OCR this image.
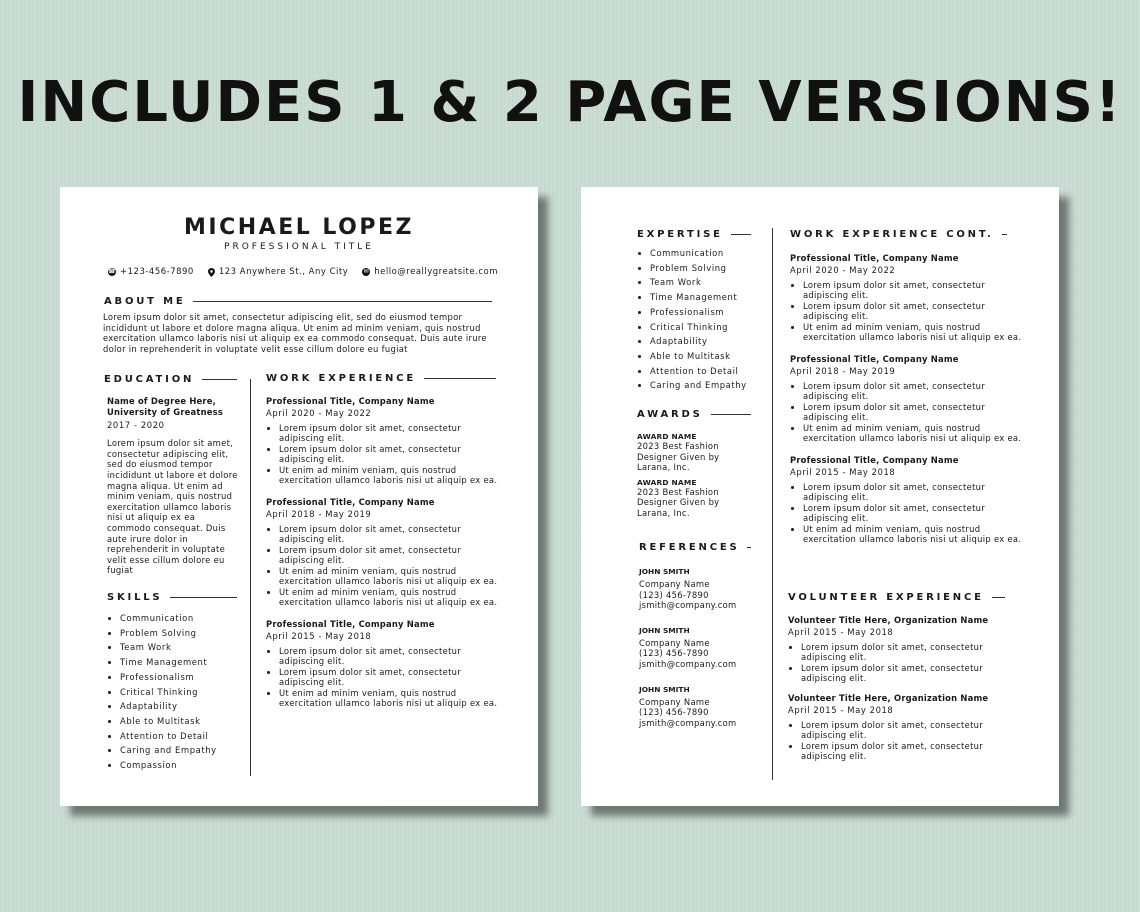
INCLUDES 1 & 2 PAGE VERSIONS!
MICHAEL LOPEZ
PROFESSIONAL TITLE
☎ +123-456-7890	123 Anywhere St., Any City	✉ hello@reallygreatsite.com
ABOUT ME
Lorem ipsum dolor sit amet, consectetur adipiscing elit, sed do eiusmod tempor incididunt ut labore et dolore magna aliqua. Ut enim ad minim veniam, quis nostrud exercitation ullamco laboris nisi ut aliquip ex ea commodo consequat. Duis aute irure dolor in reprehenderit in voluptate velit esse cillum dolore eu fugiat
EDUCATION
Name of Degree Here,
University of Greatness
2017 - 2020
Lorem ipsum dolor sit amet, consectetur adipiscing elit, sed do eiusmod tempor incididunt ut labore et dolore magna aliqua. Ut enim ad minim veniam, quis nostrud exercitation ullamco laboris nisi ut aliquip ex ea commodo consequat. Duis aute irure dolor in reprehenderit in voluptate velit esse cillum dolore eu fugiat
SKILLS
• Communication
• Problem Solving
• Team Work
• Time Management
• Professionalism
• Critical Thinking
• Adaptability
• Able to Multitask
• Attention to Detail
• Caring and Empathy
• Compassion
WORK EXPERIENCE
Professional Title, Company Name
April 2020 - May 2022
• Lorem ipsum dolor sit amet, consectetur adipiscing elit.
• Lorem ipsum dolor sit amet, consectetur adipiscing elit.
• Ut enim ad minim veniam, quis nostrud exercitation ullamco laboris nisi ut aliquip ex ea.
Professional Title, Company Name
April 2018 - May 2019
• Lorem ipsum dolor sit amet, consectetur adipiscing elit.
• Lorem ipsum dolor sit amet, consectetur adipiscing elit.
• Ut enim ad minim veniam, quis nostrud exercitation ullamco laboris nisi ut aliquip ex ea.
• Ut enim ad minim veniam, quis nostrud exercitation ullamco laboris nisi ut aliquip ex ea.
Professional Title, Company Name
April 2015 - May 2018
• Lorem ipsum dolor sit amet, consectetur adipiscing elit.
• Lorem ipsum dolor sit amet, consectetur adipiscing elit.
• Ut enim ad minim veniam, quis nostrud exercitation ullamco laboris nisi ut aliquip ex ea.
EXPERTISE
• Communication
• Problem Solving
• Team Work
• Time Management
• Professionalism
• Critical Thinking
• Adaptability
• Able to Multitask
• Attention to Detail
• Caring and Empathy
AWARDS
AWARD NAME
2023 Best Fashion
Designer Given by
Larana, Inc.
AWARD NAME
2023 Best Fashion
Designer Given by
Larana, Inc.
REFERENCES
JOHN SMITH
Company Name
(123) 456-7890
jsmith@company.com
JOHN SMITH
Company Name
(123) 456-7890
jsmith@company.com
JOHN SMITH
Company Name
(123) 456-7890
jsmith@company.com
WORK EXPERIENCE CONT.
Professional Title, Company Name
April 2020 - May 2022
• Lorem ipsum dolor sit amet, consectetur adipiscing elit.
• Lorem ipsum dolor sit amet, consectetur adipiscing elit.
• Ut enim ad minim veniam, quis nostrud exercitation ullamco laboris nisi ut aliquip ex ea.
Professional Title, Company Name
April 2018 - May 2019
• Lorem ipsum dolor sit amet, consectetur adipiscing elit.
• Lorem ipsum dolor sit amet, consectetur adipiscing elit.
• Ut enim ad minim veniam, quis nostrud exercitation ullamco laboris nisi ut aliquip ex ea.
Professional Title, Company Name
April 2015 - May 2018
• Lorem ipsum dolor sit amet, consectetur adipiscing elit.
• Lorem ipsum dolor sit amet, consectetur adipiscing elit.
• Ut enim ad minim veniam, quis nostrud exercitation ullamco laboris nisi ut aliquip ex ea.
VOLUNTEER EXPERIENCE
Volunteer Title Here, Organization Name
April 2015 - May 2018
• Lorem ipsum dolor sit amet, consectetur adipiscing elit.
• Lorem ipsum dolor sit amet, consectetur adipiscing elit.
Volunteer Title Here, Organization Name
April 2015 - May 2018
• Lorem ipsum dolor sit amet, consectetur adipiscing elit.
• Lorem ipsum dolor sit amet, consectetur adipiscing elit.
